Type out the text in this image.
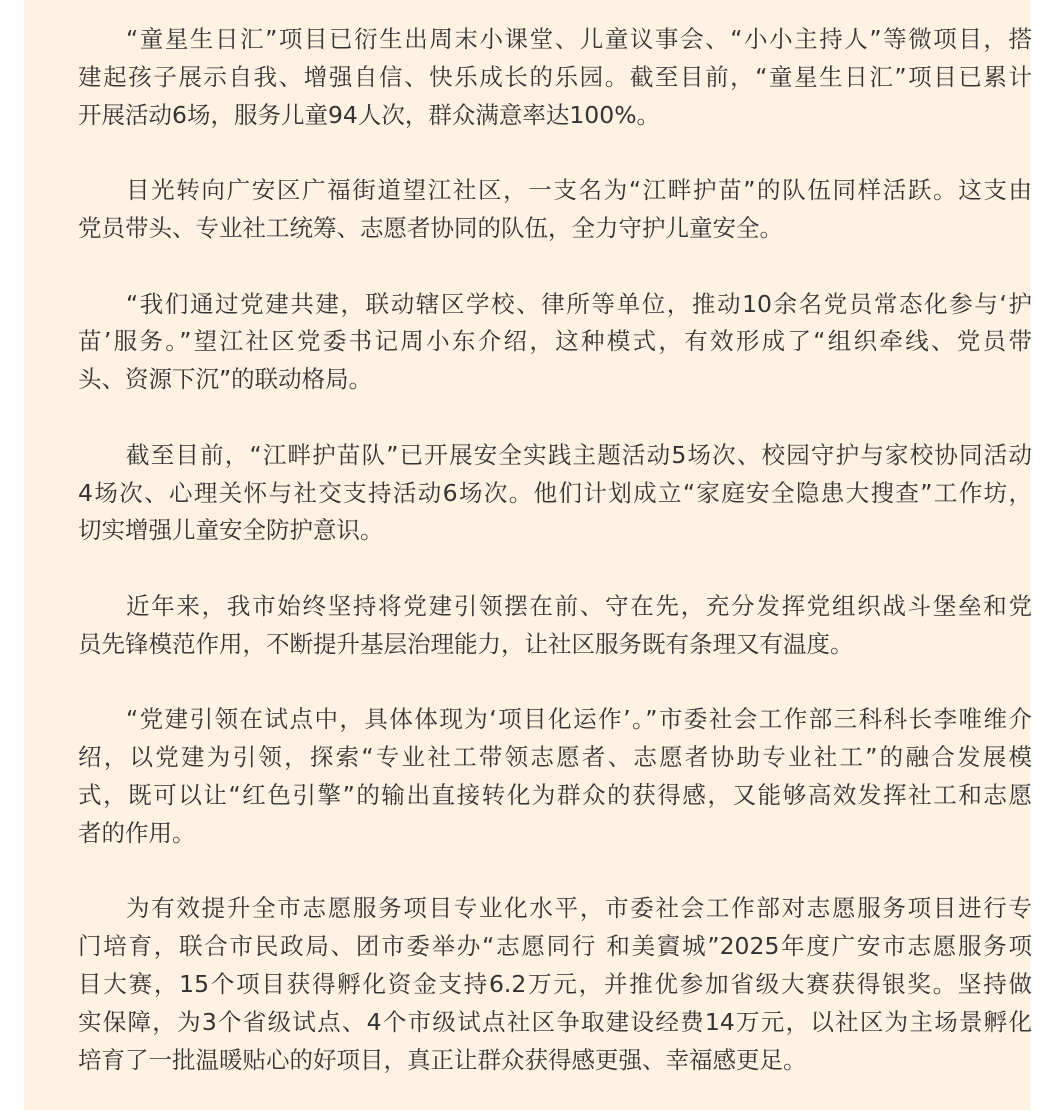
“童星生日汇”项目已衍生出周末小课堂、儿童议事会、“小小主持人”等微项目，搭
建起孩子展示自我、增强自信、快乐成长的乐园。截至目前，“童星生日汇”项目已累计
开展活动6场，服务儿童94人次，群众满意率达100%。
目光转向广安区广福街道望江社区，一支名为“江畔护苗”的队伍同样活跃。这支由
党员带头、专业社工统筹、志愿者协同的队伍，全力守护儿童安全。
“我们通过党建共建，联动辖区学校、律所等单位，推动10余名党员常态化参与‘护
苗’服务。”望江社区党委书记周小东介绍，这种模式，有效形成了“组织牵线、党员带
头、资源下沉”的联动格局。
截至目前，“江畔护苗队”已开展安全实践主题活动5场次、校园守护与家校协同活动
4场次、心理关怀与社交支持活动6场次。他们计划成立“家庭安全隐患大搜查”工作坊，
切实增强儿童安全防护意识。
近年来，我市始终坚持将党建引领摆在前、守在先，充分发挥党组织战斗堡垒和党
员先锋模范作用，不断提升基层治理能力，让社区服务既有条理又有温度。
“党建引领在试点中，具体体现为‘项目化运作’。”市委社会工作部三科科长李唯维介
绍，以党建为引领，探索“专业社工带领志愿者、志愿者协助专业社工”的融合发展模
式，既可以让“红色引擎”的输出直接转化为群众的获得感，又能够高效发挥社工和志愿
者的作用。
为有效提升全市志愿服务项目专业化水平，市委社会工作部对志愿服务项目进行专
门培育，联合市民政局、团市委举办“志愿同行 和美賨城”2025年度广安市志愿服务项
目大赛，15个项目获得孵化资金支持6.2万元，并推优参加省级大赛获得银奖。坚持做
实保障，为3个省级试点、4个市级试点社区争取建设经费14万元，以社区为主场景孵化
培育了一批温暖贴心的好项目，真正让群众获得感更强、幸福感更足。
